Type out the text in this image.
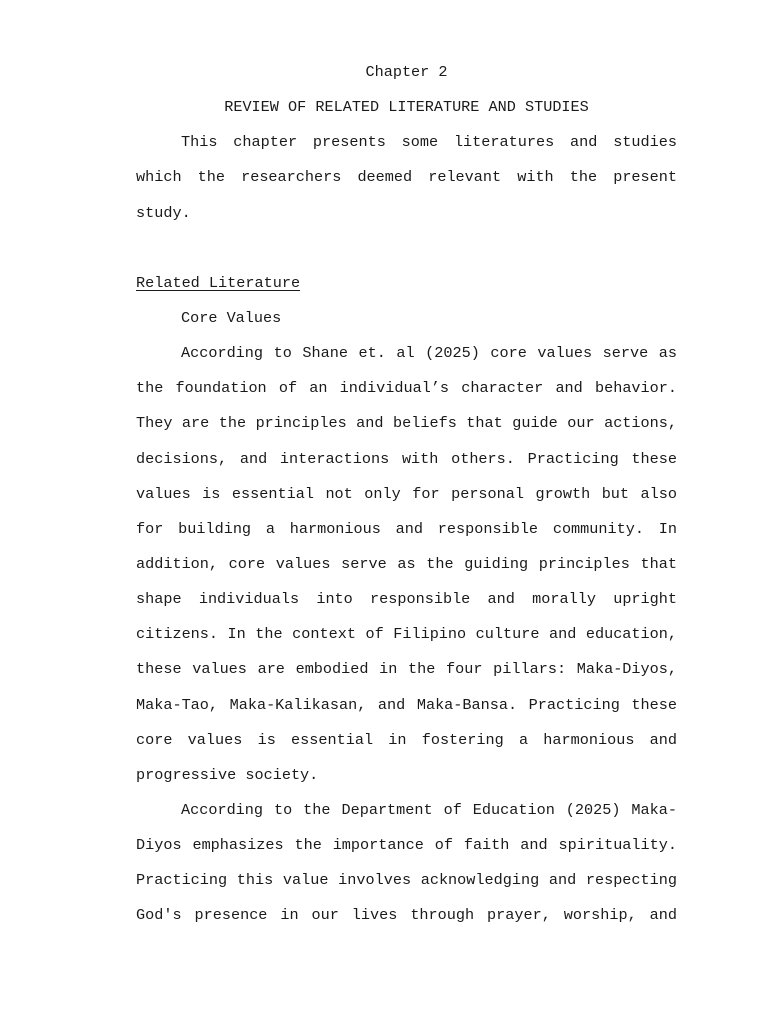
Chapter 2
REVIEW OF RELATED LITERATURE AND STUDIES
This chapter presents some literatures and studies
which the researchers deemed relevant with the present
study.
Related Literature
Core Values
According to Shane et. al (2025) core values serve as
the foundation of an individual’s character and behavior.
They are the principles and beliefs that guide our actions,
decisions, and interactions with others. Practicing these
values is essential not only for personal growth but also
for building a harmonious and responsible community. In
addition, core values serve as the guiding principles that
shape individuals into responsible and morally upright
citizens. In the context of Filipino culture and education,
these values are embodied in the four pillars: Maka-Diyos,
Maka-Tao, Maka-Kalikasan, and Maka-Bansa. Practicing these
core values is essential in fostering a harmonious and
progressive society.
According to the Department of Education (2025) Maka-
Diyos emphasizes the importance of faith and spirituality.
Practicing this value involves acknowledging and respecting
God's presence in our lives through prayer, worship, and
